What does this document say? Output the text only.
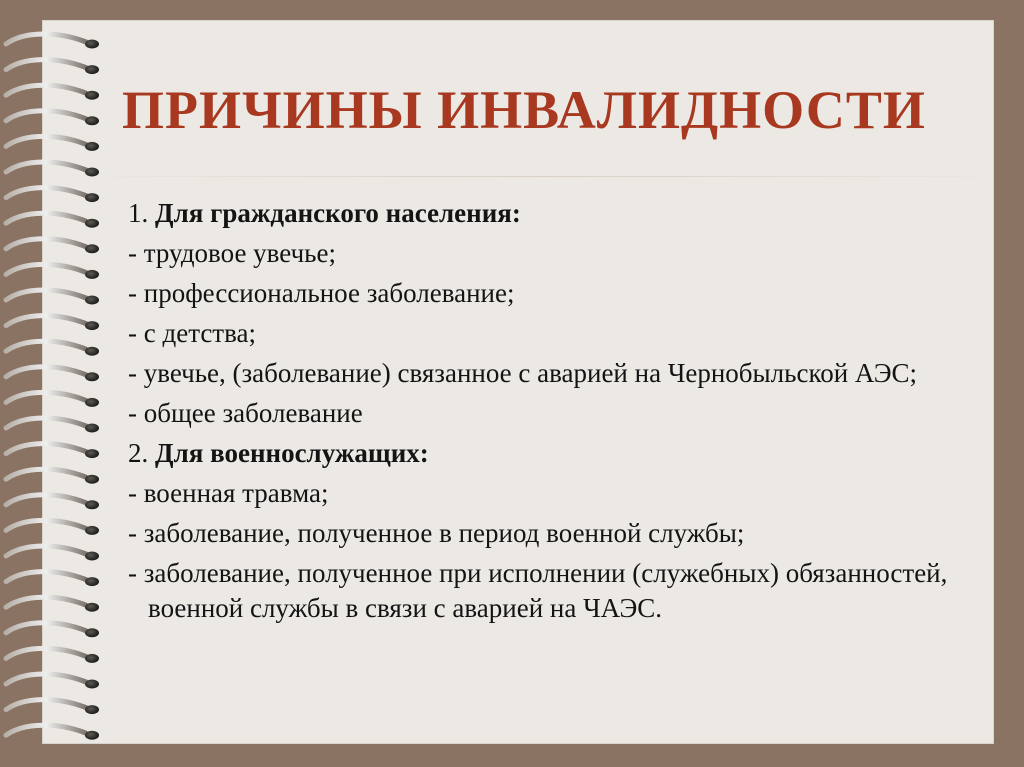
ПРИЧИНЫ ИНВАЛИДНОСТИ

1. Для гражданского населения:

- трудовое увечье;

- профессиональное заболевание;

- с детства;

- увечье, (заболевание) связанное с аварией на Чернобыльской АЭС;

- общее заболевание

2. Для военнослужащих:

- военная травма;

- заболевание, полученное в период военной службы;

- заболевание, полученное при исполнении (служебных) обязанностей, военной службы в связи с аварией на ЧАЭС.
